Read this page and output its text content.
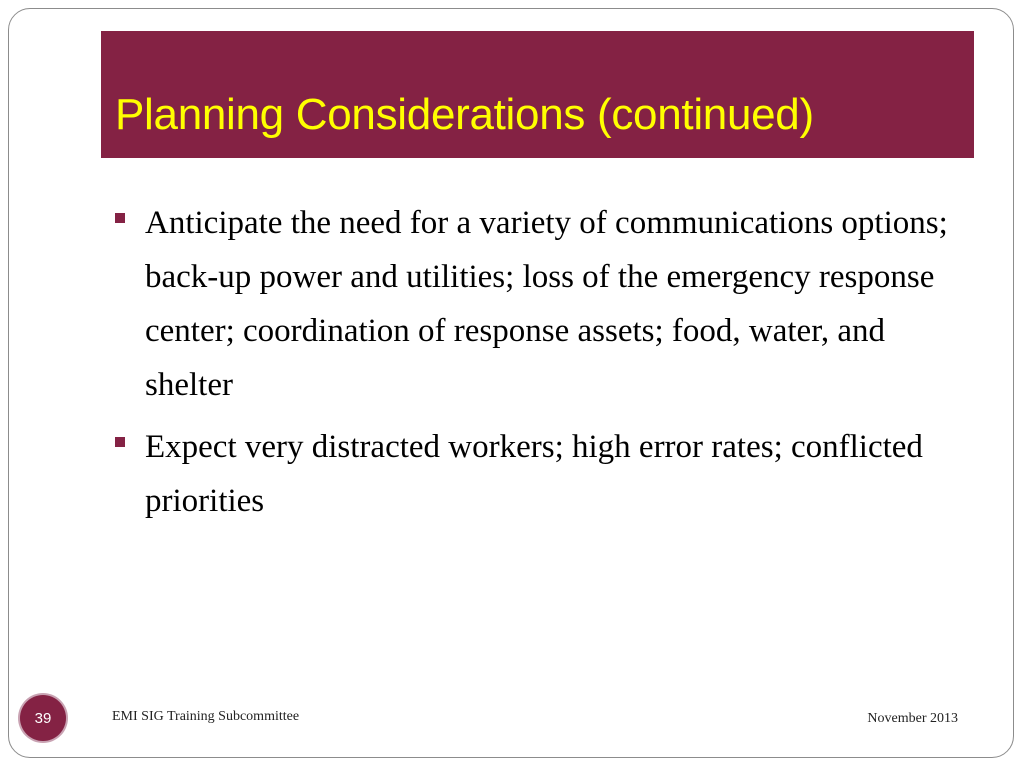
Planning Considerations (continued)
Anticipate the need for a variety of communications options; back-up power and utilities; loss of the emergency response center; coordination of response assets; food, water, and shelter
Expect very distracted workers; high error rates; conflicted priorities
39	EMI SIG Training Subcommittee	November 2013
